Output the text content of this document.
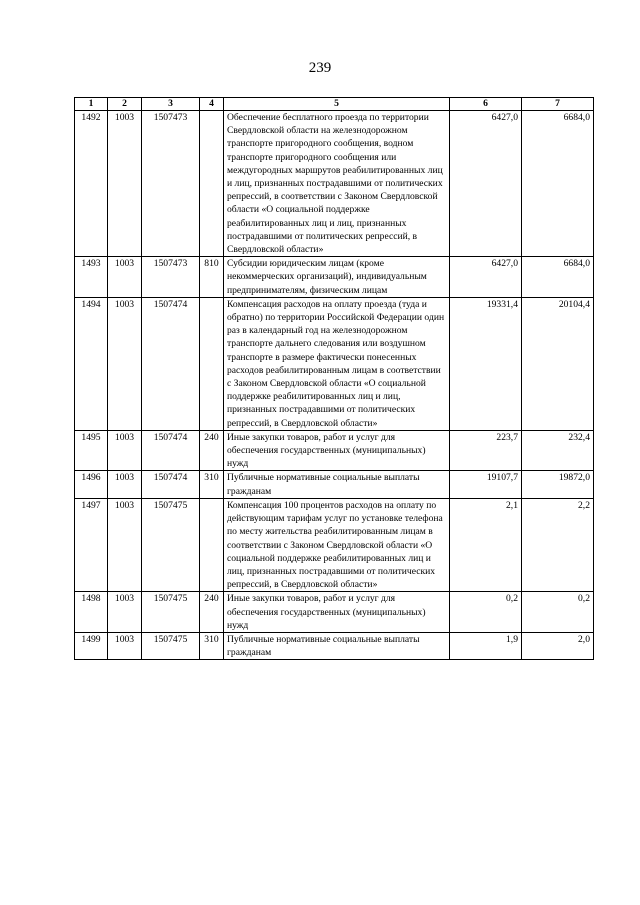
239
1	2	3	4	5	6	7
1492	1003	1507473		Обеспечение бесплатного проезда по территории Свердловской области на железнодорожном транспорте пригородного сообщения, водном транспорте пригородного сообщения или междугородных маршрутов реабилитированных лиц и лиц, признанных пострадавшими от политических репрессий, в соответствии с Законом Свердловской области «О социальной поддержке реабилитированных лиц и лиц, признанных пострадавшими от политических репрессий, в Свердловской области»	6427,0	6684,0
1493	1003	1507473	810	Субсидии юридическим лицам (кроме некоммерческих организаций), индивидуальным предпринимателям, физическим лицам	6427,0	6684,0
1494	1003	1507474		Компенсация расходов на оплату проезда (туда и обратно) по территории Российской Федерации один раз в календарный год на железнодорожном транспорте дальнего следования или воздушном транспорте в размере фактически понесенных расходов реабилитированным лицам в соответствии с Законом Свердловской области «О социальной поддержке реабилитированных лиц и лиц, признанных пострадавшими от политических репрессий, в Свердловской области»	19331,4	20104,4
1495	1003	1507474	240	Иные закупки товаров, работ и услуг для обеспечения государственных (муниципальных) нужд	223,7	232,4
1496	1003	1507474	310	Публичные нормативные социальные выплаты гражданам	19107,7	19872,0
1497	1003	1507475		Компенсация 100 процентов расходов на оплату по действующим тарифам услуг по установке телефона по месту жительства реабилитированным лицам в соответствии с Законом Свердловской области «О социальной поддержке реабилитированных лиц и лиц, признанных пострадавшими от политических репрессий, в Свердловской области»	2,1	2,2
1498	1003	1507475	240	Иные закупки товаров, работ и услуг для обеспечения государственных (муниципальных) нужд	0,2	0,2
1499	1003	1507475	310	Публичные нормативные социальные выплаты гражданам	1,9	2,0
